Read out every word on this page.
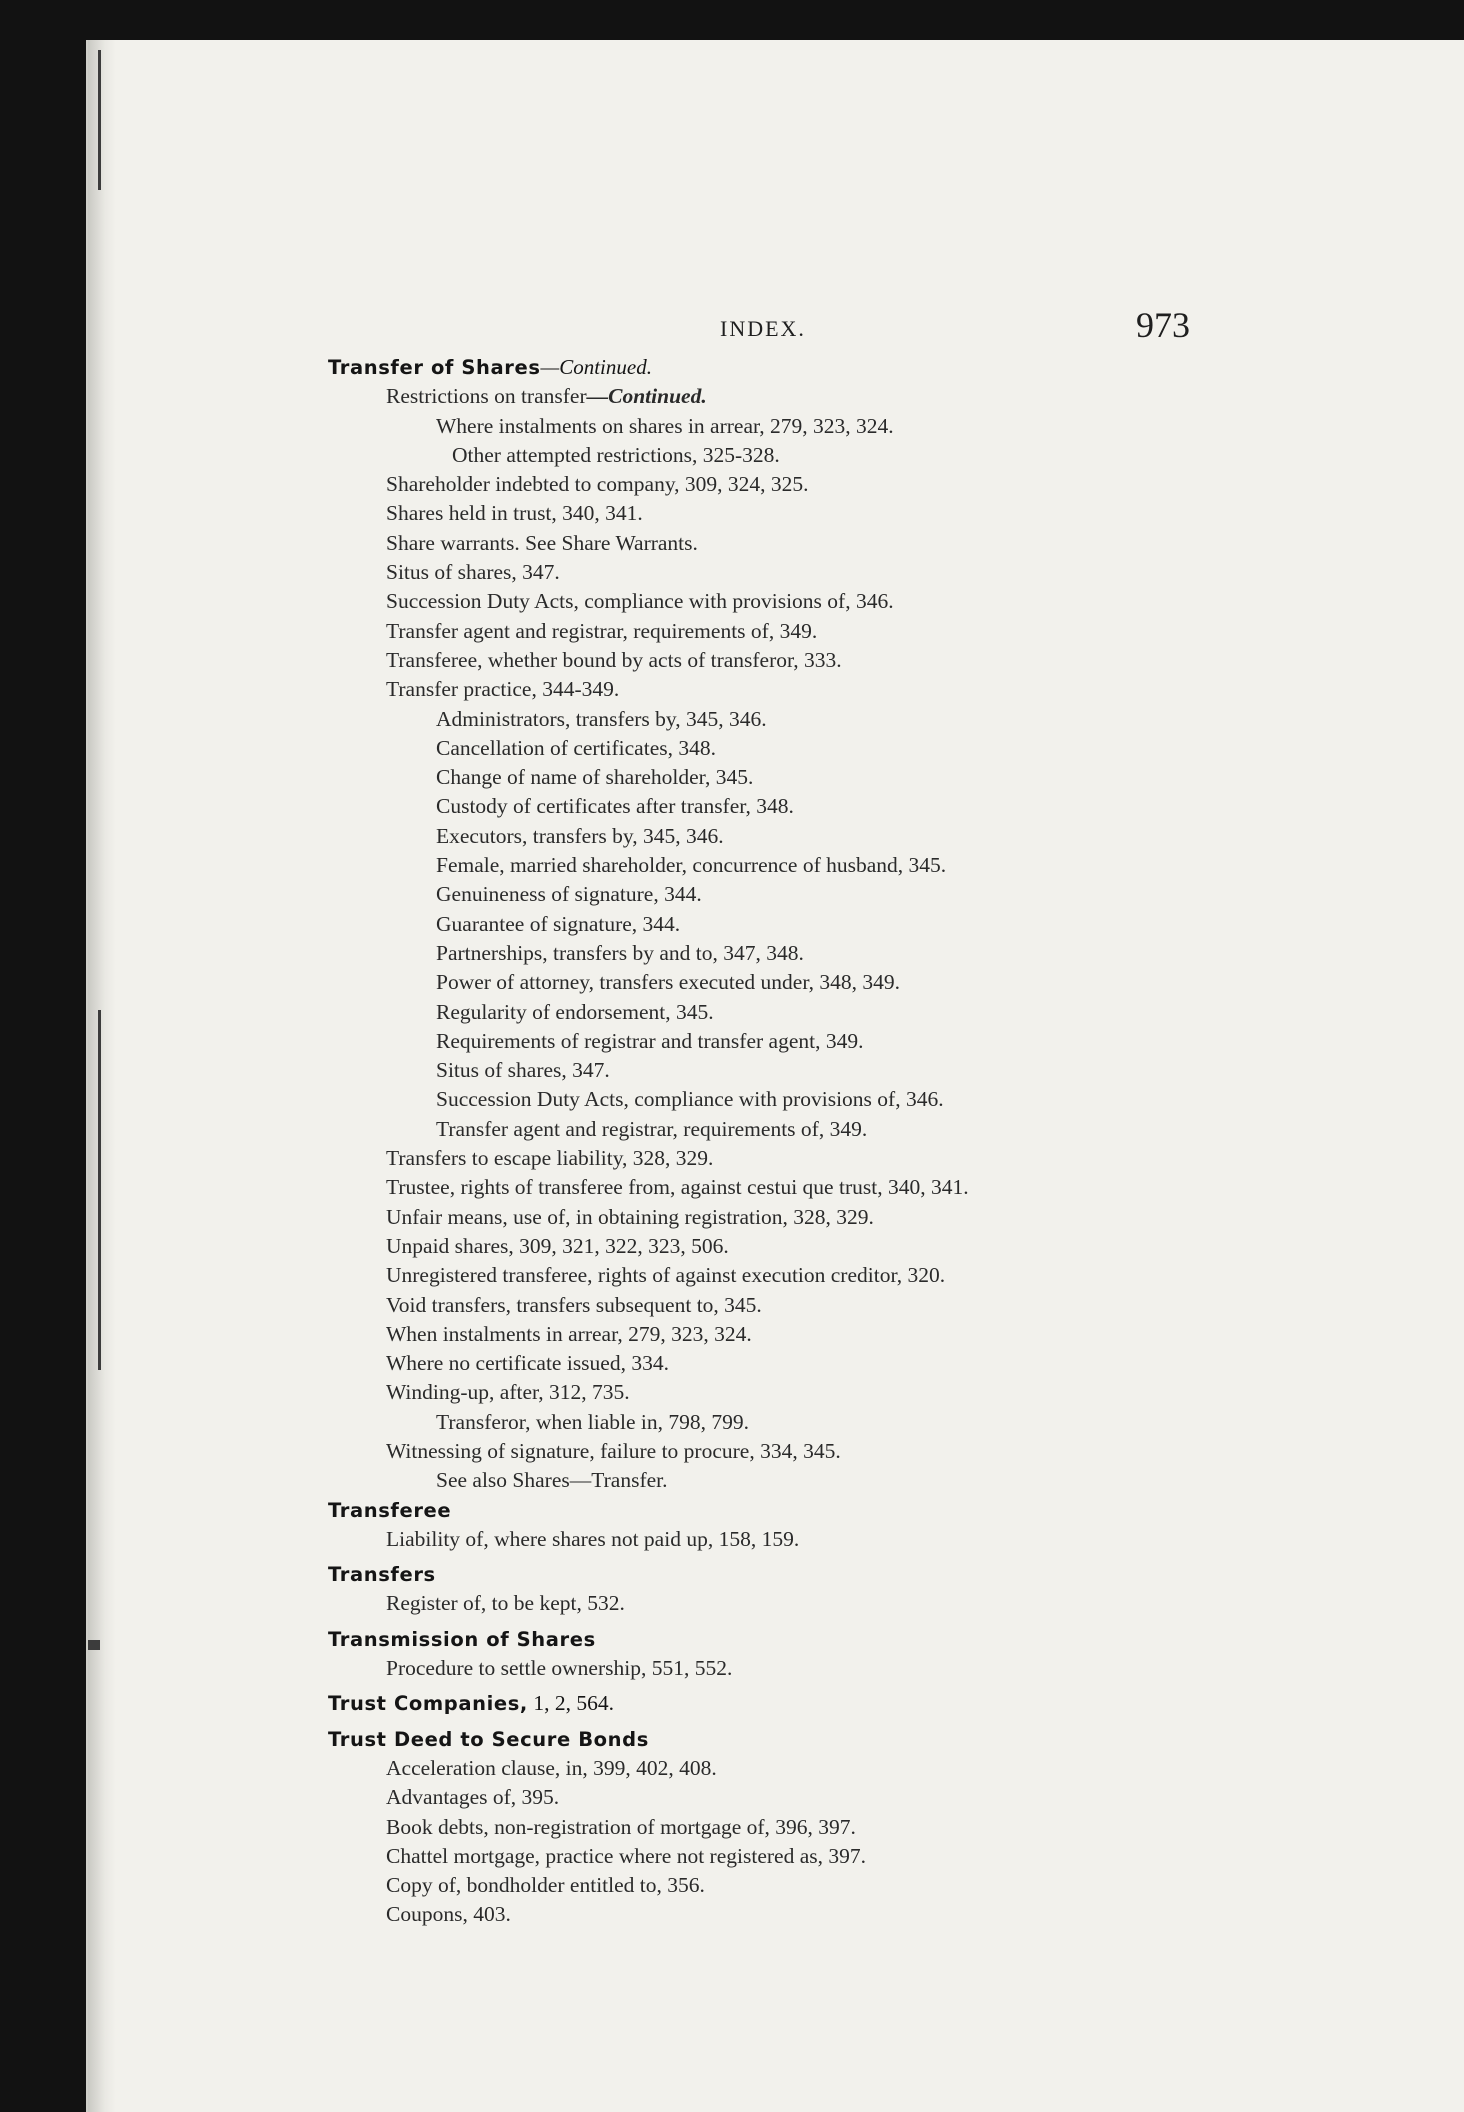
INDEX.	973
Transfer of Shares—Continued.
Restrictions on transfer—Continued.
Where instalments on shares in arrear, 279, 323, 324.
Other attempted restrictions, 325-328.
Shareholder indebted to company, 309, 324, 325.
Shares held in trust, 340, 341.
Share warrants. See Share Warrants.
Situs of shares, 347.
Succession Duty Acts, compliance with provisions of, 346.
Transfer agent and registrar, requirements of, 349.
Transferee, whether bound by acts of transferor, 333.
Transfer practice, 344-349.
Administrators, transfers by, 345, 346.
Cancellation of certificates, 348.
Change of name of shareholder, 345.
Custody of certificates after transfer, 348.
Executors, transfers by, 345, 346.
Female, married shareholder, concurrence of husband, 345.
Genuineness of signature, 344.
Guarantee of signature, 344.
Partnerships, transfers by and to, 347, 348.
Power of attorney, transfers executed under, 348, 349.
Regularity of endorsement, 345.
Requirements of registrar and transfer agent, 349.
Situs of shares, 347.
Succession Duty Acts, compliance with provisions of, 346.
Transfer agent and registrar, requirements of, 349.
Transfers to escape liability, 328, 329.
Trustee, rights of transferee from, against cestui que trust, 340, 341.
Unfair means, use of, in obtaining registration, 328, 329.
Unpaid shares, 309, 321, 322, 323, 506.
Unregistered transferee, rights of against execution creditor, 320.
Void transfers, transfers subsequent to, 345.
When instalments in arrear, 279, 323, 324.
Where no certificate issued, 334.
Winding-up, after, 312, 735.
Transferor, when liable in, 798, 799.
Witnessing of signature, failure to procure, 334, 345.
See also Shares—Transfer.
Transferee
Liability of, where shares not paid up, 158, 159.
Transfers
Register of, to be kept, 532.
Transmission of Shares
Procedure to settle ownership, 551, 552.
Trust Companies, 1, 2, 564.
Trust Deed to Secure Bonds
Acceleration clause, in, 399, 402, 408.
Advantages of, 395.
Book debts, non-registration of mortgage of, 396, 397.
Chattel mortgage, practice where not registered as, 397.
Copy of, bondholder entitled to, 356.
Coupons, 403.
